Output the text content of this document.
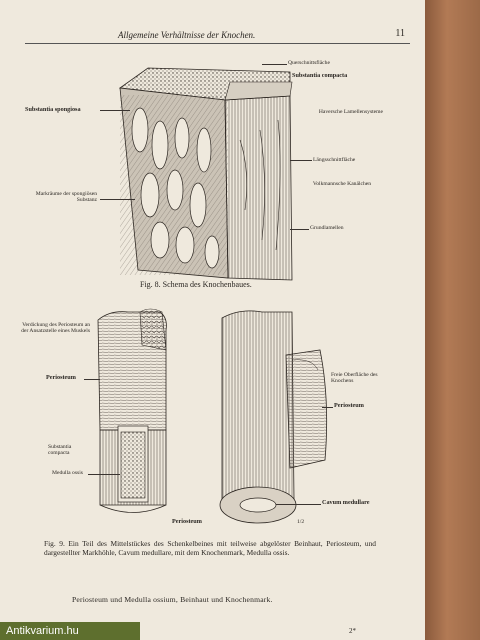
Allgemeine Verhältnisse der Knochen.	11
Querschnittsfläche
Substantia compacta
Substantia spongiosa	Haversche Lamellensysteme
Markräume der spongiösen Substanz
Längsschnittfläche
Volkmannsche Kanälchen
Grundlamellen
Fig. 8. Schema des Knochenbaues.
Verdickung des Periosteum an der Ansatzstelle eines Muskels
Periosteum
Substantia compacta
Medulla ossis
Periosteum
Freie Oberfläche des Knochens
Periosteum
Cavum medullare
1/2
Fig. 9. Ein Teil des Mittelstückes des Schenkelbeines mit teilweise abgelöster Beinhaut, Periosteum, und dargestellter Markhöhle, Cavum medullare, mit dem Knochenmark, Medulla ossis.
Periosteum und Medulla ossium, Beinhaut und Knochenmark.
2*
Antikvarium.hu
